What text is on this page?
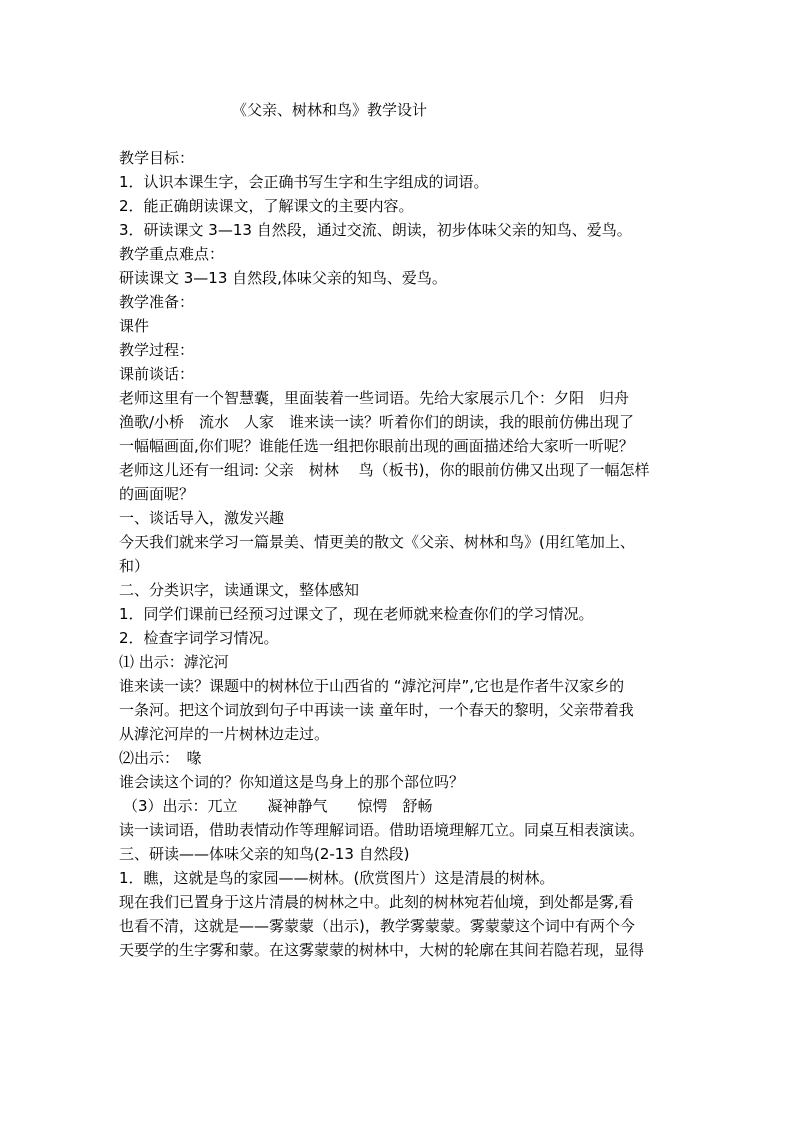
《父亲、树林和鸟》教学设计

教学目标：

1．认识本课生字，会正确书写生字和生字组成的词语。

2．能正确朗读课文，了解课文的主要内容。

3．研读课文 3—13 自然段，通过交流、朗读，初步体味父亲的知鸟、爱鸟。

教学重点难点：

研读课文 3—13 自然段,体味父亲的知鸟、爱鸟。

教学准备：

课件

教学过程：

课前谈话：

老师这里有一个智慧囊，里面装着一些词语。先给大家展示几个：夕阳　归舟

渔歌/小桥　流水　人家　谁来读一读？听着你们的朗读，我的眼前仿佛出现了

一幅幅画面,你们呢？谁能任选一组把你眼前出现的画面描述给大家听一听呢？

老师这儿还有一组词: 父亲　树林　 鸟（板书)，你的眼前仿佛又出现了一幅怎样

的画面呢？

一、谈话导入，激发兴趣

今天我们就来学习一篇景美、情更美的散文《父亲、树林和鸟》(用红笔加上、

和）

二、分类识字，读通课文，整体感知

1．同学们课前已经预习过课文了，现在老师就来检查你们的学习情况。

2．检查字词学习情况。

⑴ 出示：滹沱河

谁来读一读？课题中的树林位于山西省的 “滹沱河岸”,它也是作者牛汉家乡的

一条河。把这个词放到句子中再读一读 童年时，一个春天的黎明，父亲带着我

从滹沱河岸的一片树林边走过。

⑵出示：　喙

谁会读这个词的？你知道这是鸟身上的那个部位吗？

（3）出示：兀立　　凝神静气　　惊愕　舒畅

读一读词语，借助表情动作等理解词语。借助语境理解兀立。同桌互相表演读。

三、研读——体味父亲的知鸟(2-13 自然段)

1．瞧，这就是鸟的家园——树林。(欣赏图片）这是清晨的树林。

现在我们已置身于这片清晨的树林之中。此刻的树林宛若仙境，到处都是雾,看

也看不清，这就是——雾蒙蒙（出示)，教学雾蒙蒙。雾蒙蒙这个词中有两个今

天要学的生字雾和蒙。在这雾蒙蒙的树林中，大树的轮廓在其间若隐若现，显得
